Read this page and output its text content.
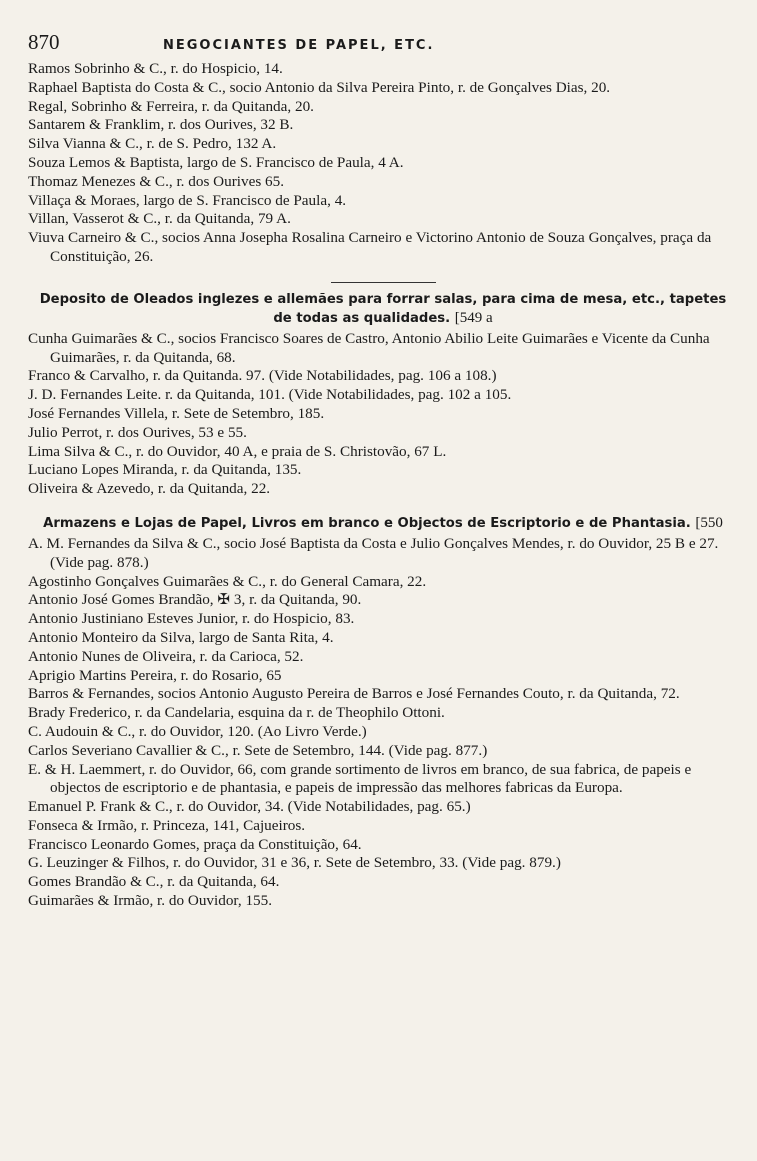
870	NEGOCIANTES DE PAPEL, ETC.
Ramos Sobrinho & C., r. do Hospicio, 14.
Raphael Baptista do Costa & C., socio Antonio da Silva Pereira Pinto, r. de Gonçalves Dias, 20.
Regal, Sobrinho & Ferreira, r. da Quitanda, 20.
Santarem & Franklim, r. dos Ourives, 32 B.
Silva Vianna & C., r. de S. Pedro, 132 A.
Souza Lemos & Baptista, largo de S. Francisco de Paula, 4 A.
Thomaz Menezes & C., r. dos Ourives 65.
Villaça & Moraes, largo de S. Francisco de Paula, 4.
Villan, Vasserot & C., r. da Quitanda, 79 A.
Viuva Carneiro & C., socios Anna Josepha Rosalina Carneiro e Victorino Antonio de Souza Gonçalves, praça da Constituição, 26.
Deposito de Oleados inglezes e allemães para forrar salas, para cima de mesa, etc., tapetes de todas as qualidades. [549 a
Cunha Guimarães & C., socios Francisco Soares de Castro, Antonio Abilio Leite Guimarães e Vicente da Cunha Guimarães, r. da Quitanda, 68.
Franco & Carvalho, r. da Quitanda. 97. (Vide Notabilidades, pag. 106 a 108.)
J. D. Fernandes Leite. r. da Quitanda, 101. (Vide Notabilidades, pag. 102 a 105.
José Fernandes Villela, r. Sete de Setembro, 185.
Julio Perrot, r. dos Ourives, 53 e 55.
Lima Silva & C., r. do Ouvidor, 40 A, e praia de S. Christovão, 67 L.
Luciano Lopes Miranda, r. da Quitanda, 135.
Oliveira & Azevedo, r. da Quitanda, 22.
Armazens e Lojas de Papel, Livros em branco e Objectos de Escriptorio e de Phantasia. [550
A. M. Fernandes da Silva & C., socio José Baptista da Costa e Julio Gonçalves Mendes, r. do Ouvidor, 25 B e 27. (Vide pag. 878.)
Agostinho Gonçalves Guimarães & C., r. do General Camara, 22.
Antonio José Gomes Brandão, ✠ 3, r. da Quitanda, 90.
Antonio Justiniano Esteves Junior, r. do Hospicio, 83.
Antonio Monteiro da Silva, largo de Santa Rita, 4.
Antonio Nunes de Oliveira, r. da Carioca, 52.
Aprigio Martins Pereira, r. do Rosario, 65
Barros & Fernandes, socios Antonio Augusto Pereira de Barros e José Fernandes Couto, r. da Quitanda, 72.
Brady Frederico, r. da Candelaria, esquina da r. de Theophilo Ottoni.
C. Audouin & C., r. do Ouvidor, 120. (Ao Livro Verde.)
Carlos Severiano Cavallier & C., r. Sete de Setembro, 144. (Vide pag. 877.)
E. & H. Laemmert, r. do Ouvidor, 66, com grande sortimento de livros em branco, de sua fabrica, de papeis e objectos de escriptorio e de phantasia, e papeis de impressão das melhores fabricas da Europa.
Emanuel P. Frank & C., r. do Ouvidor, 34. (Vide Notabilidades, pag. 65.)
Fonseca & Irmão, r. Princeza, 141, Cajueiros.
Francisco Leonardo Gomes, praça da Constituição, 64.
G. Leuzinger & Filhos, r. do Ouvidor, 31 e 36, r. Sete de Setembro, 33. (Vide pag. 879.)
Gomes Brandão & C., r. da Quitanda, 64.
Guimarães & Irmão, r. do Ouvidor, 155.
